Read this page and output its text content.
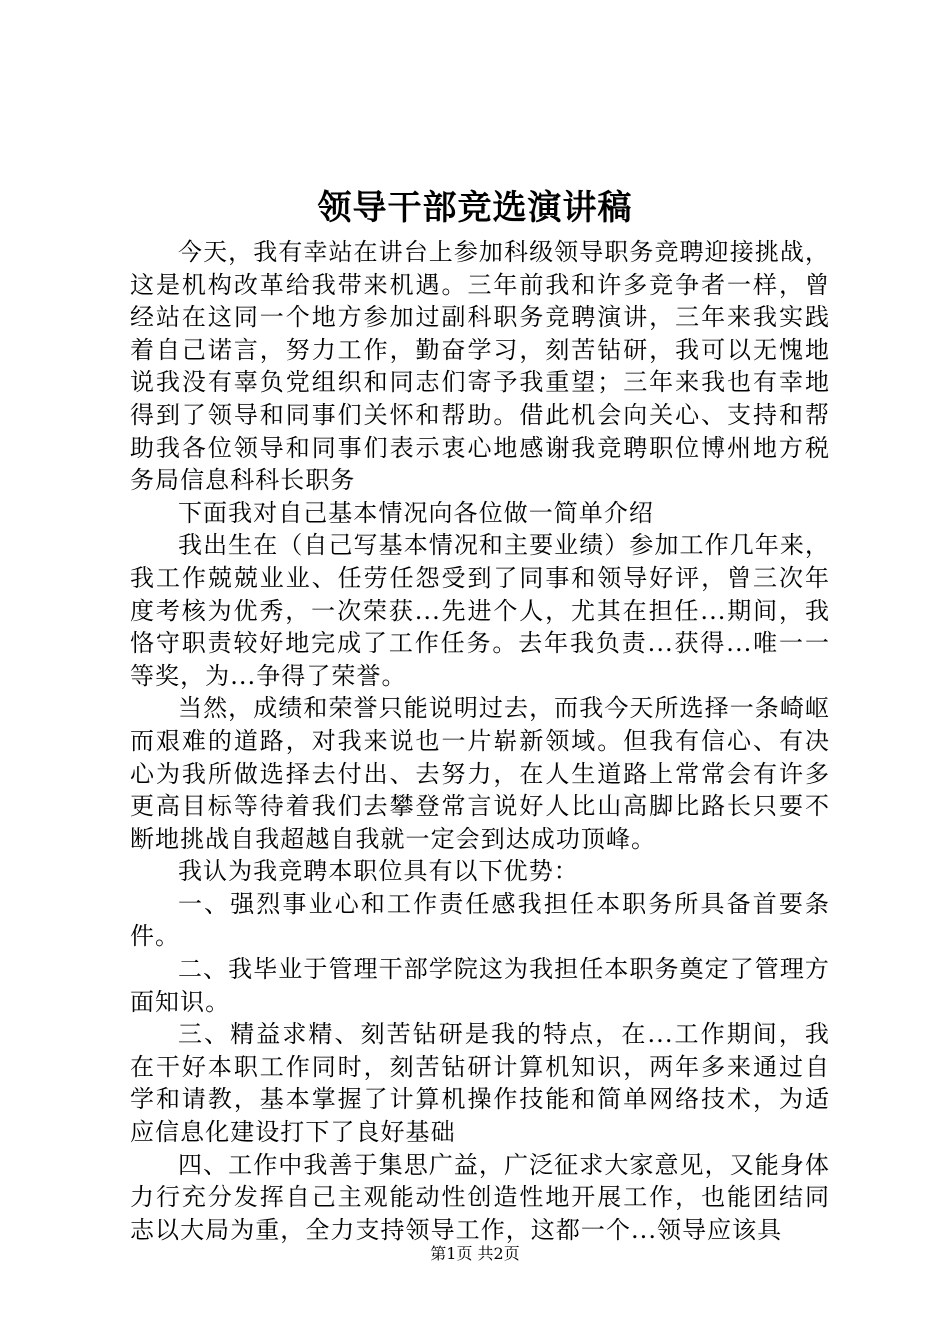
领导干部竞选演讲稿

今天，我有幸站在讲台上参加科级领导职务竞聘迎接挑战，这是机构改革给我带来机遇。三年前我和许多竞争者一样，曾经站在这同一个地方参加过副科职务竞聘演讲，三年来我实践着自己诺言，努力工作，勤奋学习，刻苦钻研，我可以无愧地说我没有辜负党组织和同志们寄予我重望；三年来我也有幸地得到了领导和同事们关怀和帮助。借此机会向关心、支持和帮助我各位领导和同事们表示衷心地感谢我竞聘职位博州地方税务局信息科科长职务

下面我对自己基本情况向各位做一简单介绍

我出生在（自己写基本情况和主要业绩）参加工作几年来，我工作兢兢业业、任劳任怨受到了同事和领导好评，曾三次年度考核为优秀，一次荣获...先进个人，尤其在担任...期间，我恪守职责较好地完成了工作任务。去年我负责...获得...唯一一等奖，为...争得了荣誉。

当然，成绩和荣誉只能说明过去，而我今天所选择一条崎岖而艰难的道路，对我来说也一片崭新领域。但我有信心、有决心为我所做选择去付出、去努力，在人生道路上常常会有许多更高目标等待着我们去攀登常言说好人比山高脚比路长只要不断地挑战自我超越自我就一定会到达成功顶峰。

我认为我竞聘本职位具有以下优势：

一、强烈事业心和工作责任感我担任本职务所具备首要条件。

二、我毕业于管理干部学院这为我担任本职务奠定了管理方面知识。

三、精益求精、刻苦钻研是我的特点，在...工作期间，我在干好本职工作同时，刻苦钻研计算机知识，两年多来通过自学和请教，基本掌握了计算机操作技能和简单网络技术，为适应信息化建设打下了良好基础

四、工作中我善于集思广益，广泛征求大家意见，又能身体力行充分发挥自己主观能动性创造性地开展工作，也能团结同志以大局为重，全力支持领导工作，这都一个...领导应该具

第1页 共2页
